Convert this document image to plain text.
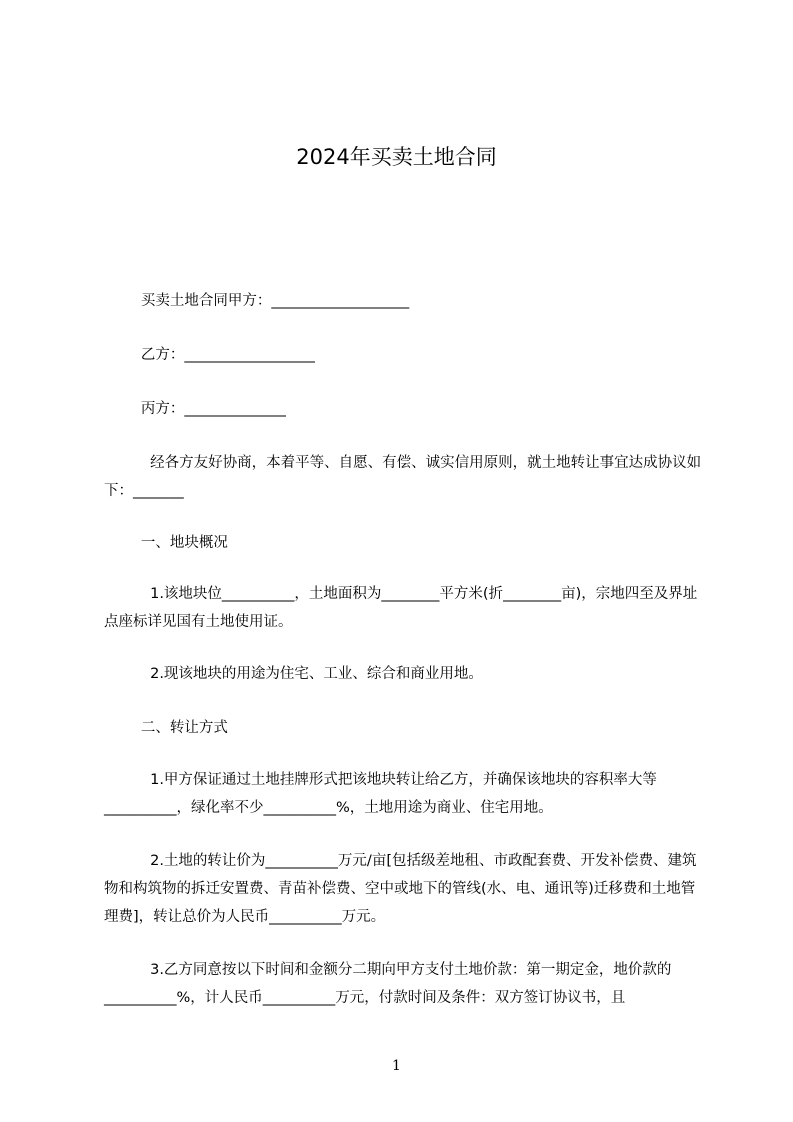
2024年买卖土地合同
买卖土地合同甲方：___________________
乙方：__________________
丙方：______________
经各方友好协商，本着平等、自愿、有偿、诚实信用原则，就土地转让事宜达成协议如下：_______
一、地块概况
1.该地块位__________，土地面积为________平方米(折________亩)，宗地四至及界址点座标详见国有土地使用证。
2.现该地块的用途为住宅、工业、综合和商业用地。
二、转让方式
1.甲方保证通过土地挂牌形式把该地块转让给乙方，并确保该地块的容积率大等__________，绿化率不少__________%，土地用途为商业、住宅用地。
2.土地的转让价为__________万元/亩[包括级差地租、市政配套费、开发补偿费、建筑物和构筑物的拆迁安置费、青苗补偿费、空中或地下的管线(水、电、通讯等)迁移费和土地管理费]，转让总价为人民币__________万元。
3.乙方同意按以下时间和金额分二期向甲方支付土地价款：第一期定金，地价款的__________%，计人民币__________万元，付款时间及条件：双方签订协议书，且
1
